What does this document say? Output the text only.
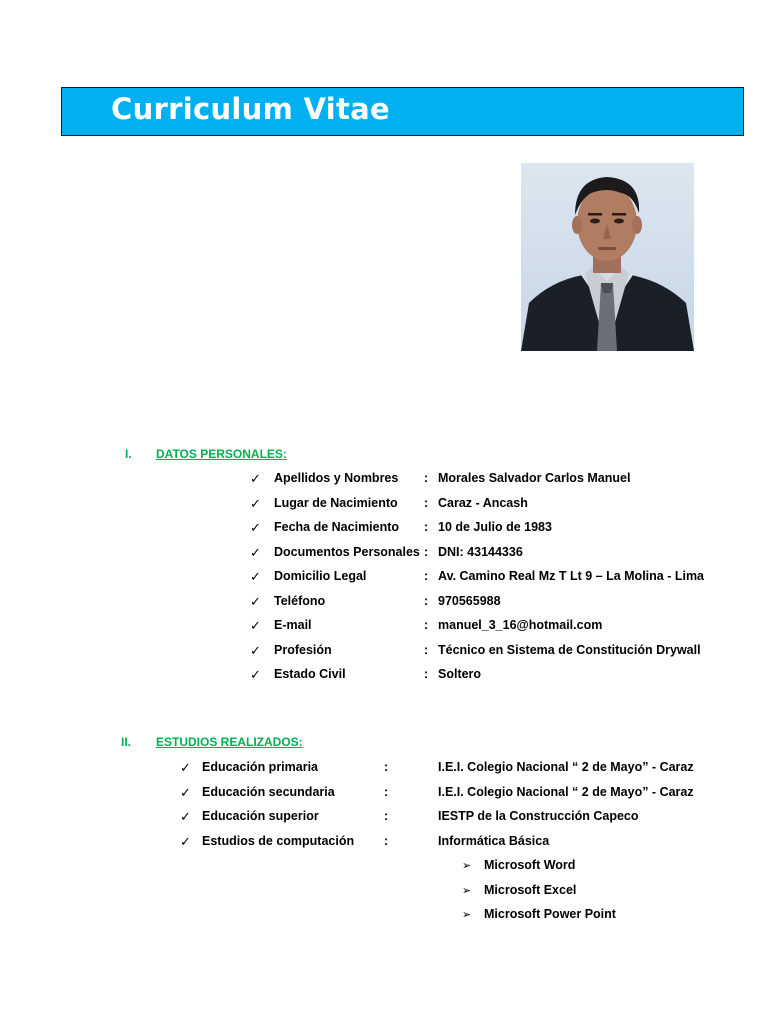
Curriculum Vitae
I. DATOS PERSONALES:
✓ Apellidos y Nombres : Morales Salvador Carlos Manuel
✓ Lugar de Nacimiento : Caraz - Ancash
✓ Fecha de Nacimiento : 10 de Julio de 1983
✓ Documentos Personales : DNI: 43144336
✓ Domicilio Legal	: Av. Camino Real Mz T Lt 9 – La Molina - Lima
✓ Teléfono	: 970565988
✓ E-mail	: manuel_3_16@hotmail.com
✓ Profesión	: Técnico en Sistema de Constitución Drywall
✓ Estado Civil	: Soltero
II. ESTUDIOS REALIZADOS:
✓ Educación primaria	:	I.E.I. Colegio Nacional “ 2 de Mayo” - Caraz
✓ Educación secundaria	:	I.E.I. Colegio Nacional “ 2 de Mayo” - Caraz
✓ Educación superior	:	IESTP de la Construcción Capeco
✓ Estudios de computación :	Informática Básica
➢ Microsoft Word
➢ Microsoft Excel
➢ Microsoft Power Point
